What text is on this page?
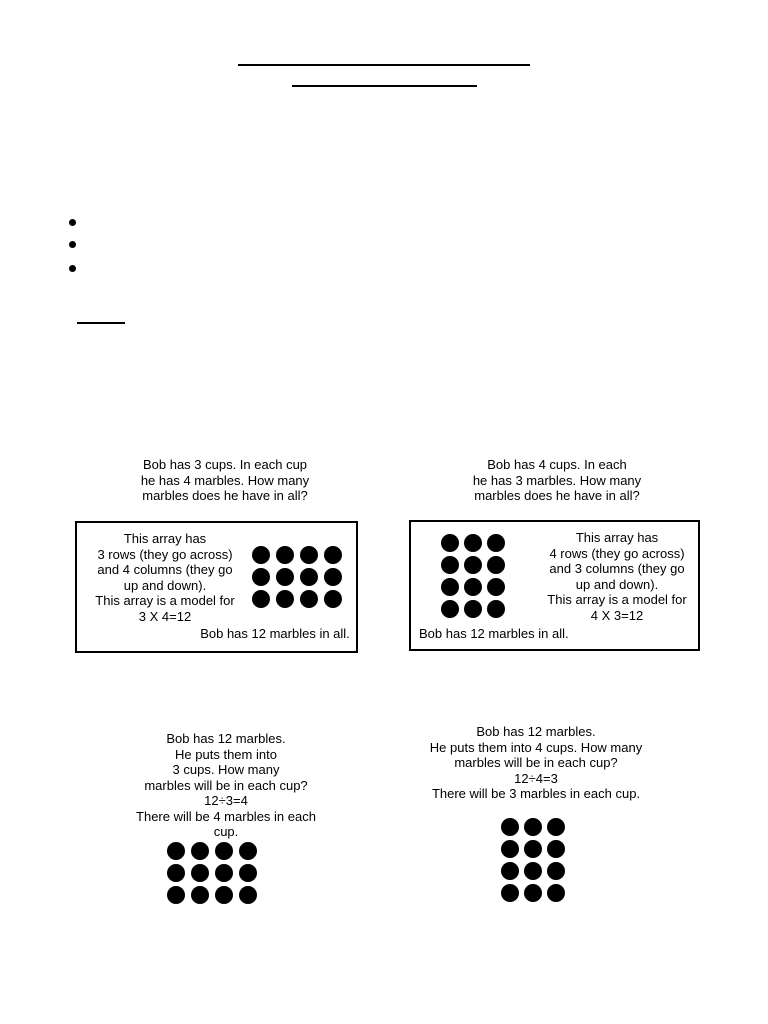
Bob has 3 cups. In each cup
he has 4 marbles. How many
marbles does he have in all?
This array has
3 rows (they go across)
and 4 columns (they go
up and down).
This array is a model for
3 X 4=12
Bob has 12 marbles in all.
Bob has 4 cups. In each
he has 3 marbles. How many
marbles does he have in all?
This array has
4 rows (they go across)
and 3 columns (they go
up and down).
This array is a model for
4 X 3=12
Bob has 12 marbles in all.
Bob has 12 marbles.
He puts them into
3 cups. How many
marbles will be in each cup?
12÷3=4
There will be 4 marbles in each
cup.
Bob has 12 marbles.
He puts them into 4 cups. How many
marbles will be in each cup?
12÷4=3
There will be 3 marbles in each cup.
